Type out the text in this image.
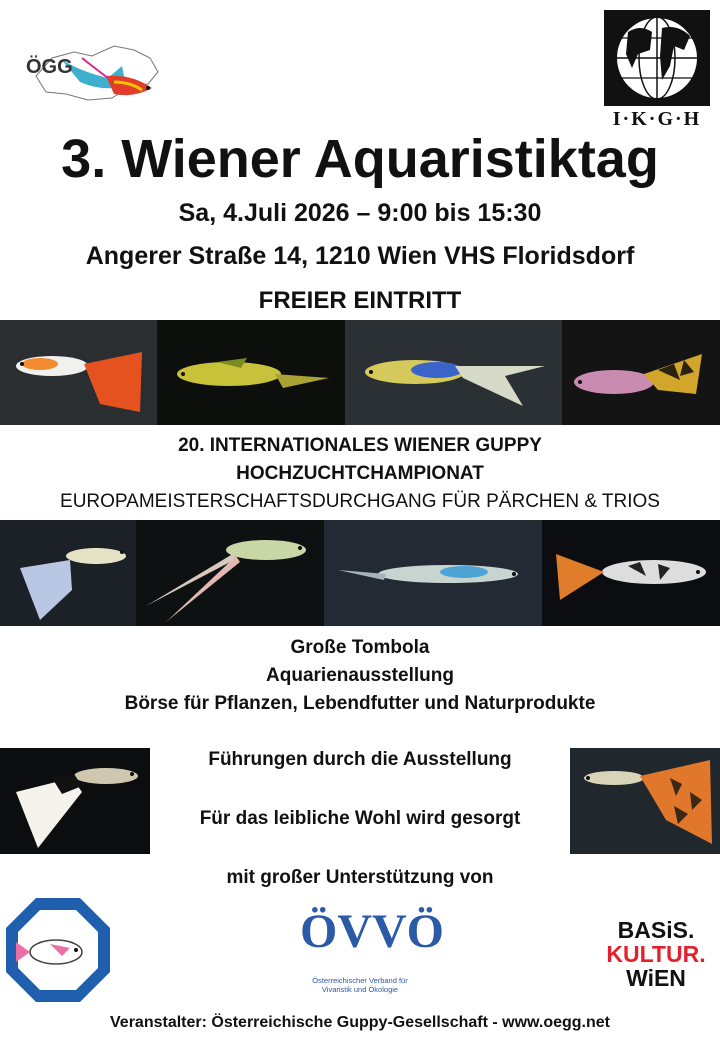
ÖGG
I·K·G·H
3. Wiener Aquaristiktag
Sa, 4.Juli 2026 – 9:00 bis 15:30
Angerer Straße 14, 1210 Wien VHS Floridsdorf
FREIER EINTRITT
20. INTERNATIONALES WIENER GUPPY
HOCHZUCHTCHAMPIONAT
EUROPAMEISTERSCHAFTSDURCHGANG FÜR PÄRCHEN & TRIOS
Große Tombola
Aquarienausstellung
Börse für Pflanzen, Lebendfutter und Naturprodukte
Führungen durch die Ausstellung
Für das leibliche Wohl wird gesorgt
mit großer Unterstützung von
ÖVVÖ
Österreichischer Verband für
Vivaristik und Ökologie
BASiS.
KULTUR.
WiEN
Veranstalter: Österreichische Guppy-Gesellschaft - www.oegg.net
